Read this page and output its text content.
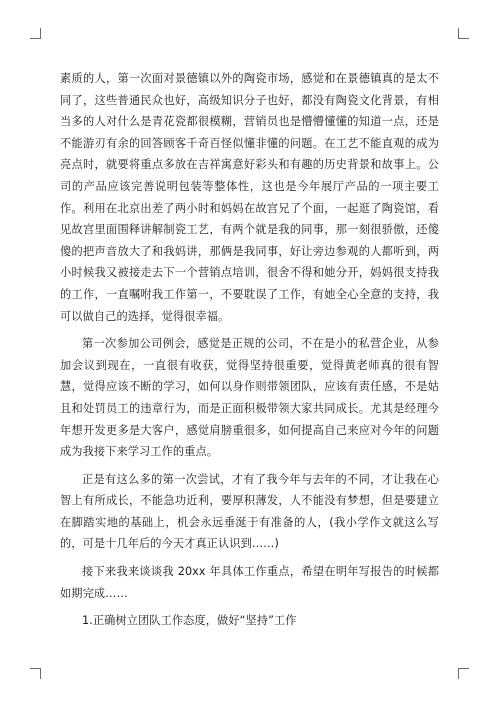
素质的人，第一次面对景德镇以外的陶瓷市场，感觉和在景德镇真的是太不同了，这些普通民众也好，高级知识分子也好，都没有陶瓷文化背景，有相当多的人对什么是青花瓷都很模糊，营销员也是懵懵懂懂的知道一点，还是不能游刃有余的回答顾客千奇百怪似懂非懂的问题。在工艺不能直观的成为亮点时，就要将重点多放在吉祥寓意好彩头和有趣的历史背景和故事上。公司的产品应该完善说明包装等整体性，这也是今年展厅产品的一项主要工作。利用在北京出差了两小时和妈妈在故宫兄了个面，一起逛了陶瓷馆，看见故宫里面围释讲解制瓷工艺，有两个就是我的同事，那一刻很骄傲，还傻傻的把声音放大了和我妈讲，那俩是我同事，好让旁边参观的人都听到，两小时候我又被接走去下一个营销点培训，很舍不得和她分开，妈妈很支持我的工作，一直嘱咐我工作第一，不要耽误了工作，有她全心全意的支持，我可以做自己的选择，觉得很幸福。

第一次参加公司例会，感觉是正规的公司，不在是小的私营企业，从参加会议到现在，一直很有收获，觉得坚持很重要，觉得黄老师真的很有智慧，觉得应该不断的学习，如何以身作则带领团队，应该有责任感，不是姑且和处罚员工的违章行为，而是正面积极带领大家共同成长。尤其是经理今年想开发更多是大客户，感觉肩膀重很多，如何提高自己来应对今年的问题成为我接下来学习工作的重点。

正是有这么多的第一次尝试，才有了我今年与去年的不同，才让我在心智上有所成长，不能急功近利，要厚积薄发，人不能没有梦想，但是要建立在脚踏实地的基础上，机会永远垂涎于有准备的人，(我小学作文就这么写的，可是十几年后的今天才真正认识到……)

接下来我来谈谈我 20xx 年具体工作重点，希望在明年写报告的时候都如期完成……

1.正确树立团队工作态度，做好“坚持”工作
